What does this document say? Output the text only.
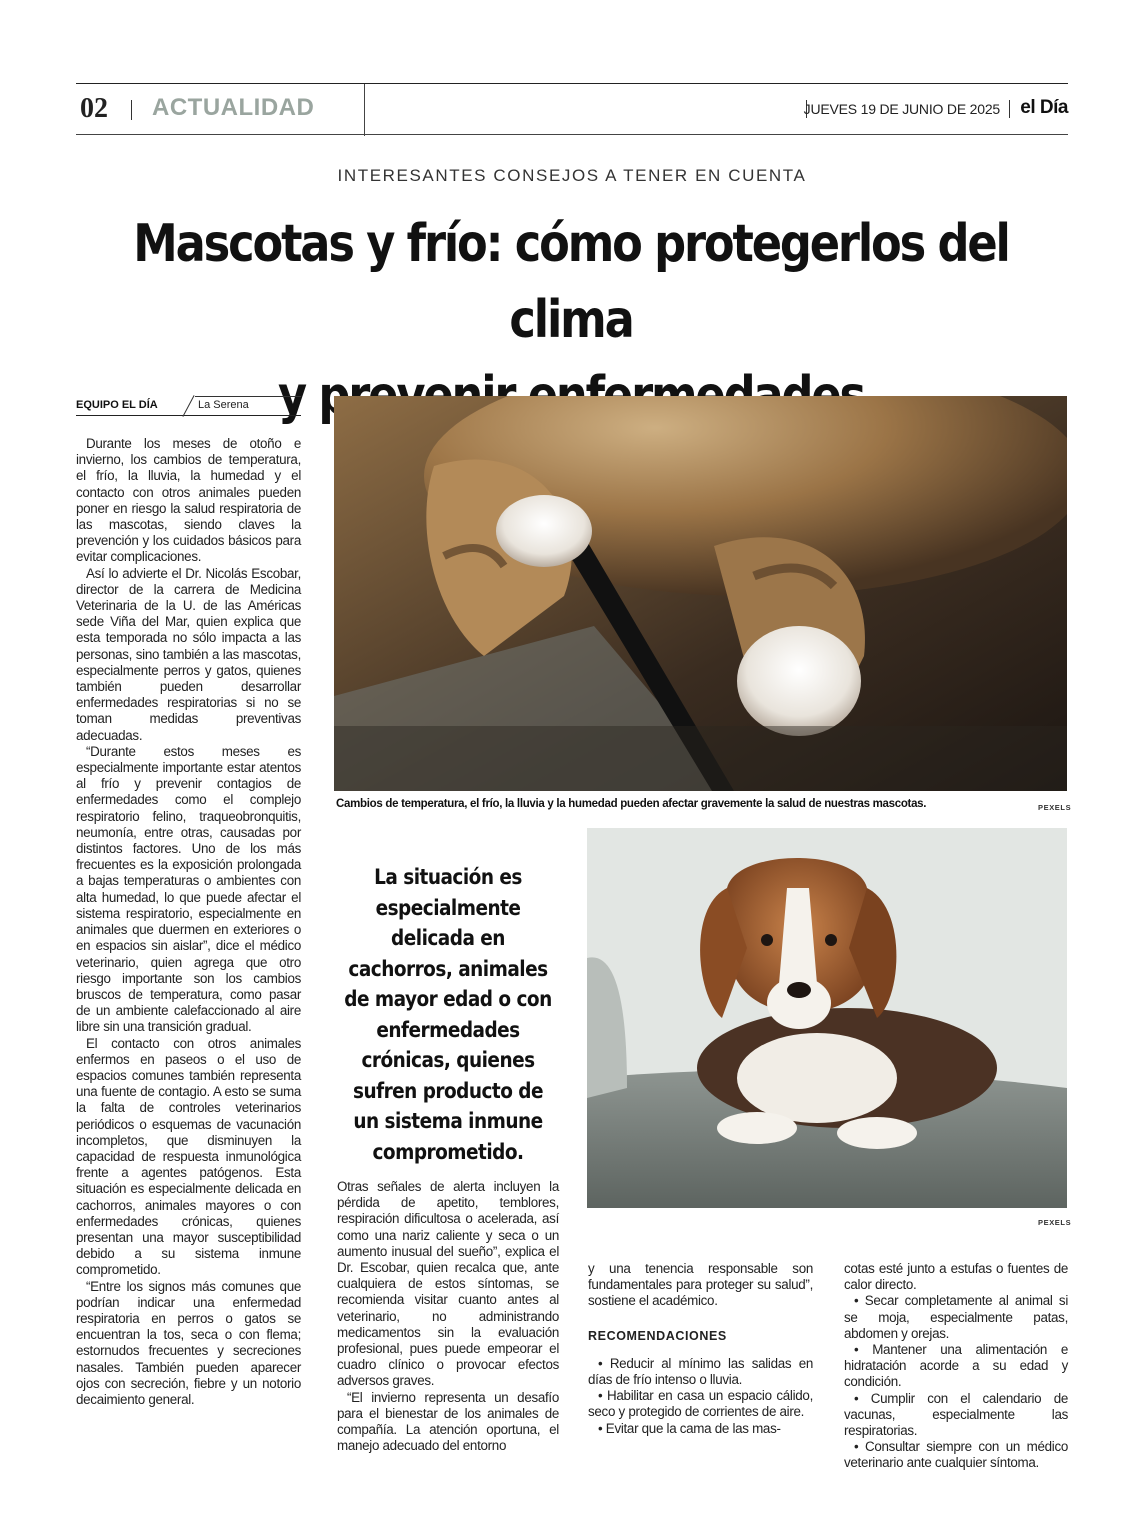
02 ACTUALIDAD	JUEVES 19 DE JUNIO DE 2025 el Día
INTERESANTES CONSEJOS A TENER EN CUENTA
Mascotas y frío: cómo protegerlos del clima
y
EQUIPO EL DÍA	La Serena

Durante los meses de otoño e invierno, los cambios de temperatura, el frío, la lluvia, la humedad y el contacto con otros animales pueden poner en riesgo la salud respiratoria de las mascotas, siendo claves la prevención y los cuidados básicos para evitar complicaciones.

Así lo advierte el Dr. Nicolás Escobar, director de la carrera de Medicina Veterinaria de la U. de las Américas sede Viña del Mar, quien explica que esta temporada no sólo impacta a las personas, sino también a las mascotas, especialmente perros y gatos, quienes también pueden desarrollar enfermedades respiratorias si no se toman medidas preventivas adecuadas.

“Durante estos meses es especialmente importante estar atentos al frío y prevenir contagios de enfermedades como el complejo respiratorio felino, traqueobronquitis, neumonía, entre otras, causadas por distintos factores. Uno de los más frecuentes es la exposición prolongada a bajas temperaturas o ambientes con alta humedad, lo que puede afectar el sistema respiratorio, especialmente en animales que duermen en exteriores o en espacios sin aislar”, dice el médico veterinario, quien agrega que otro riesgo importante son los cambios bruscos de temperatura, como pasar de un ambiente calefaccionado al aire libre sin una transición gradual.

El contacto con otros animales enfermos en paseos o el uso de espacios comunes también representa una fuente de contagio. A esto se suma la falta de controles veterinarios periódicos o esquemas de vacunación incompletos, que disminuyen la capacidad de respuesta inmunológica frente a agentes patógenos. Esta situación es especialmente delicada en cachorros, animales mayores o con enfermedades crónicas, quienes presentan una mayor susceptibilidad debido a su sistema inmune comprometido.

“Entre los signos más comunes que podrían indicar una enfermedad respiratoria en perros o gatos se encuentran la tos, seca o con flema; estornudos frecuentes y secreciones nasales. También pueden aparecer ojos con secreción, fiebre y un notorio decaimiento general.

Cambios de temperatura, el frío, la lluvia y la humedad pueden afectar gravemente la salud de nuestras mascotas.	PEXELS
La situación es especialmente delicada en cachorros, animales de mayor edad o con enfermedades crónicas, quienes sufren producto de un sistema inmune comprometido.
PEXELS

Otras señales de alerta incluyen la pérdida de apetito, temblores, respiración dificultosa o acelerada, así como una nariz caliente y seca o un aumento inusual del sueño”, explica el Dr. Escobar, quien recalca que, ante cualquiera de estos síntomas, se recomienda visitar cuanto antes al veterinario, no administrando medicamentos sin la evaluación profesional, pues puede empeorar el cuadro clínico o provocar efectos adversos graves.

“El invierno representa un desafío para el bienestar de los animales de compañía. La atención oportuna, el manejo adecuado del entorno

y una tenencia responsable son fundamentales para proteger su salud”, sostiene el académico.

RECOMENDACIONES

• Reducir al mínimo las salidas en días de frío intenso o lluvia.

• Habilitar en casa un espacio cálido, seco y protegido de corrientes de aire.

• Evitar que la cama de las mas-

cotas esté junto a estufas o fuentes de calor directo.

• Secar completamente al animal si se moja, especialmente patas, abdomen y orejas.

• Mantener una alimentación e hidratación acorde a su edad y condición.

• Cumplir con el calendario de vacunas, especialmente las respiratorias.

• Consultar siempre con un médico veterinario ante cualquier síntoma.
